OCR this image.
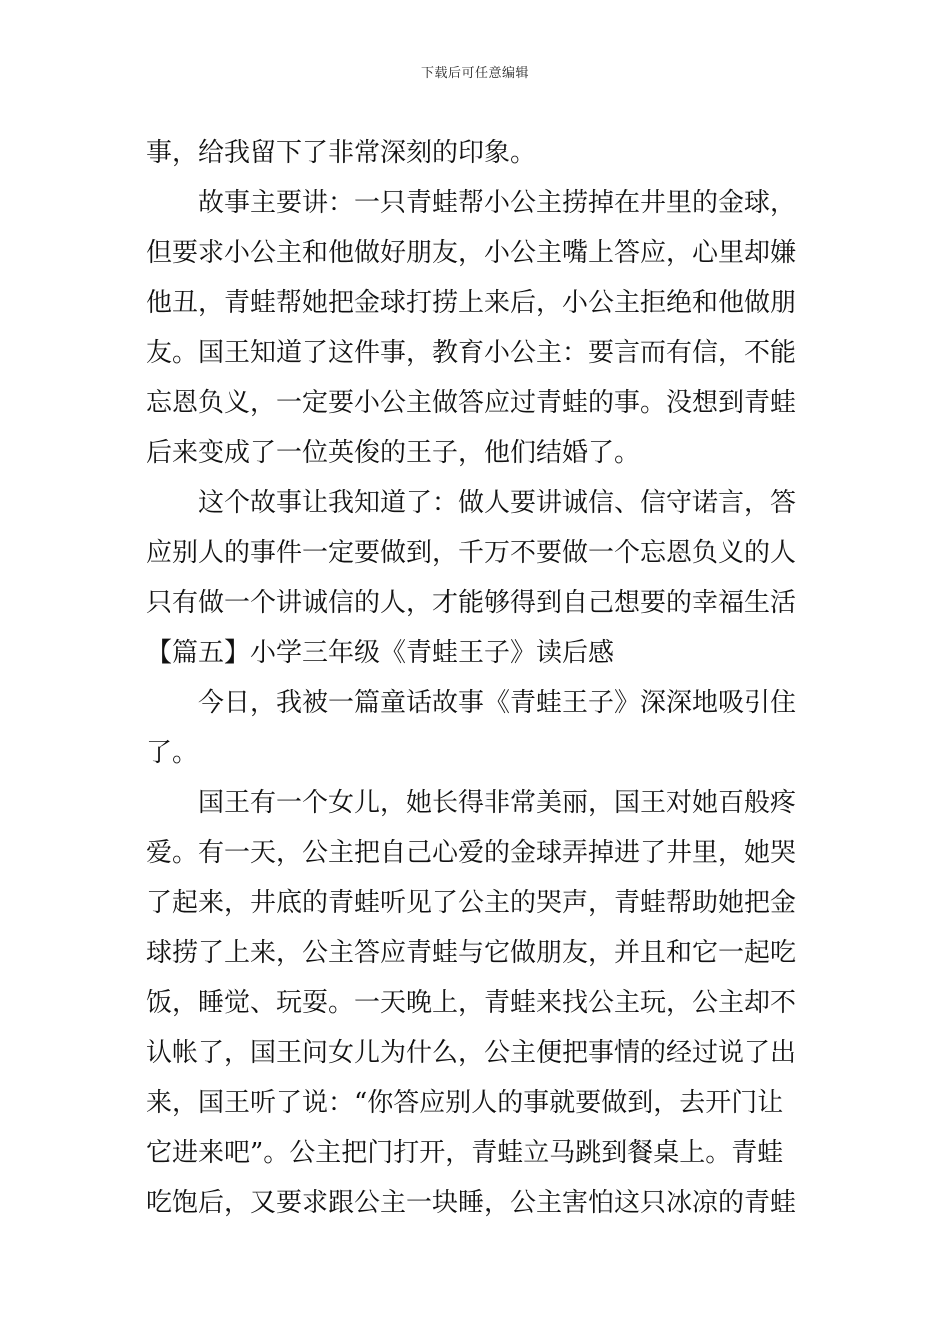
下载后可任意编辑
事，给我留下了非常深刻的印象。
故事主要讲：一只青蛙帮小公主捞掉在井里的金球，
但要求小公主和他做好朋友，小公主嘴上答应，心里却嫌
他丑，青蛙帮她把金球打捞上来后，小公主拒绝和他做朋
友。国王知道了这件事，教育小公主：要言而有信，不能
忘恩负义，一定要小公主做答应过青蛙的事。没想到青蛙
后来变成了一位英俊的王子，他们结婚了。
这个故事让我知道了：做人要讲诚信、信守诺言，答
应别人的事件一定要做到，千万不要做一个忘恩负义的人
只有做一个讲诚信的人，才能够得到自己想要的幸福生活
【篇五】小学三年级《青蛙王子》读后感
今日，我被一篇童话故事《青蛙王子》深深地吸引住
了。
国王有一个女儿，她长得非常美丽，国王对她百般疼
爱。有一天，公主把自己心爱的金球弄掉进了井里，她哭
了起来，井底的青蛙听见了公主的哭声，青蛙帮助她把金
球捞了上来，公主答应青蛙与它做朋友，并且和它一起吃
饭，睡觉、玩耍。一天晚上，青蛙来找公主玩，公主却不
认帐了，国王问女儿为什么，公主便把事情的经过说了出
来，国王听了说：“你答应别人的事就要做到，去开门让
它进来吧”。公主把门打开，青蛙立马跳到餐桌上。青蛙
吃饱后，又要求跟公主一块睡，公主害怕这只冰凉的青蛙
